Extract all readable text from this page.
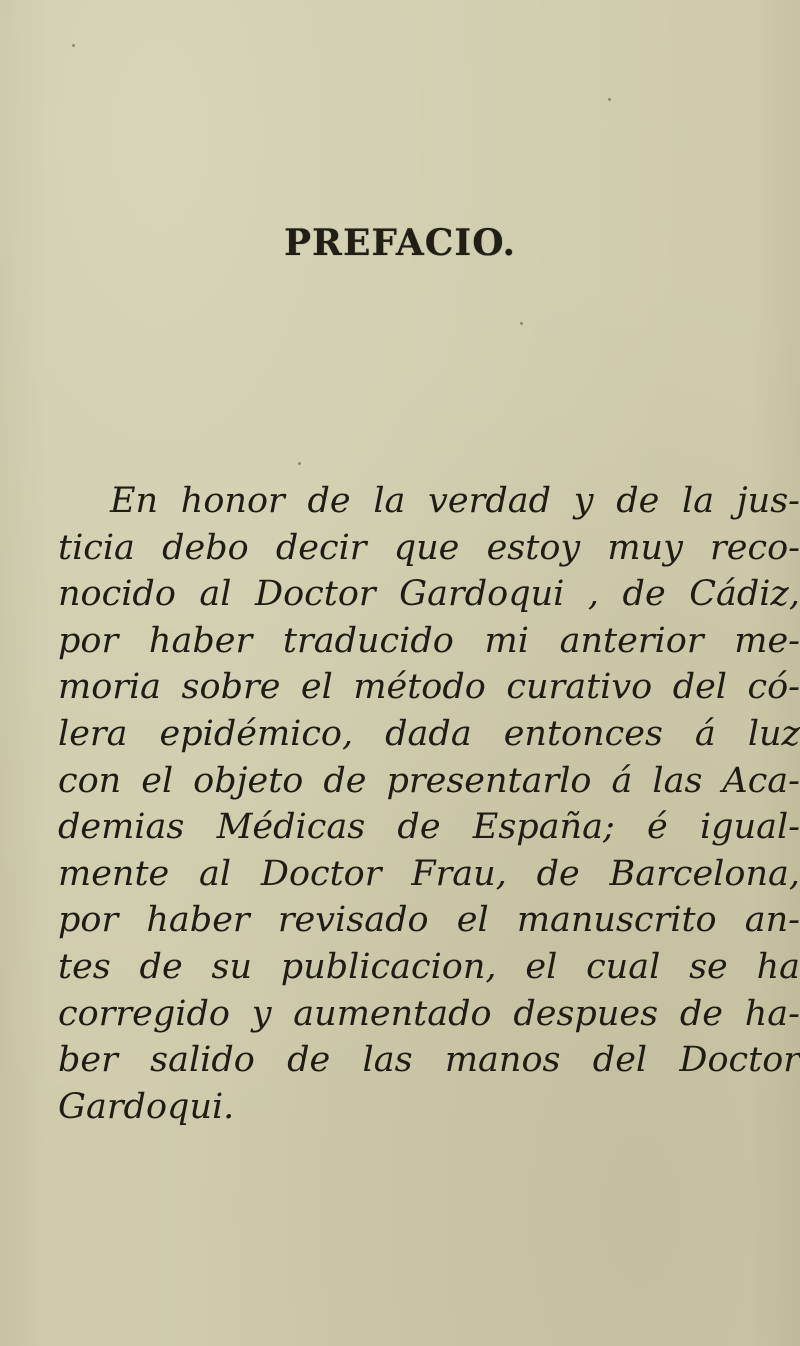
PREFACIO.
En honor de la verdad y de la jus-
ticia debo decir que estoy muy reco-
nocido al Doctor Gardoqui , de Cádiz,
por haber traducido mi anterior me-
moria sobre el método curativo del có-
lera epidémico, dada entonces á luz
con el objeto de presentarlo á las Aca-
demias Médicas de España; é igual-
mente al Doctor Frau, de Barcelona,
por haber revisado el manuscrito an-
tes de su publicacion, el cual se ha
corregido y aumentado despues de ha-
ber salido de las manos del Doctor
Gardoqui.
